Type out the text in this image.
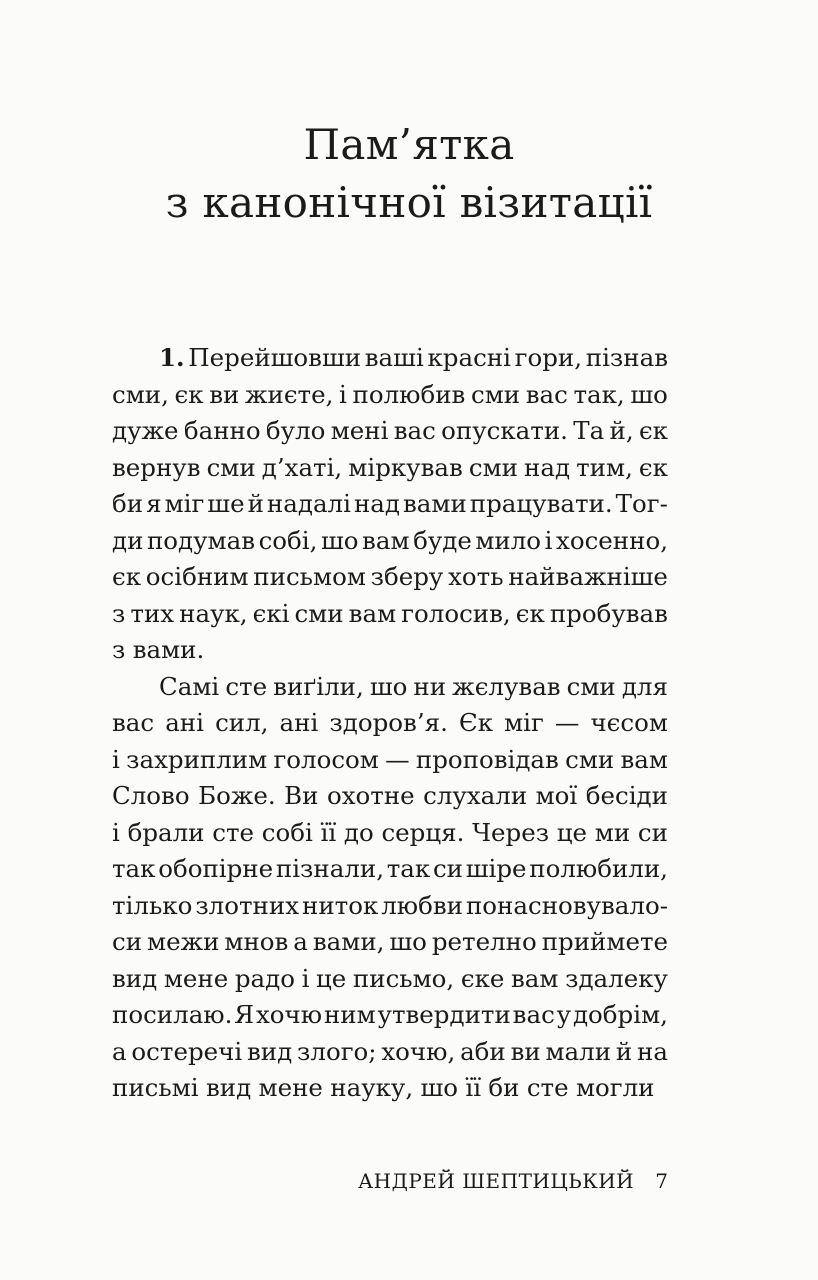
Пам’ятка
з канонічної візитації
1. Перейшовши ваші красні гори, пізнав
сми, єк ви жиєте, і полюбив сми вас так, шо
дуже банно було мені вас опускати. Та й, єк
вернув сми д’хаті, міркував сми над тим, єк
би я міг ше й надалі над вами працувати. Тог-
ди подумав собі, шо вам буде мило і хосенно,
єк осібним письмом зберу хоть найважніше
з тих наук, єкі сми вам голосив, єк пробував
з вами.
Самі сте виґіли, шо ни жєлував сми для
вас ані сил, ані здоров’я. Єк міг — чєсом
і захриплим голосом — проповідав сми вам
Слово Боже. Ви охотне слухали мої бесіди
і брали сте собі її до серця. Через це ми си
так обопірне пізнали, так си шіре полюбили,
тілько злотних ниток любви понасновувало-
си межи мнов а вами, шо ретелно приймете
вид мене радо і це письмо, єке вам здалеку
посилаю. Я хочю ним утвердити вас у добрім,
а остеречі вид злого; хочю, аби ви мали й на
письмі вид мене науку, шо її би сте могли
АНДРЕЙ ШЕПТИЦЬКИЙ 7
